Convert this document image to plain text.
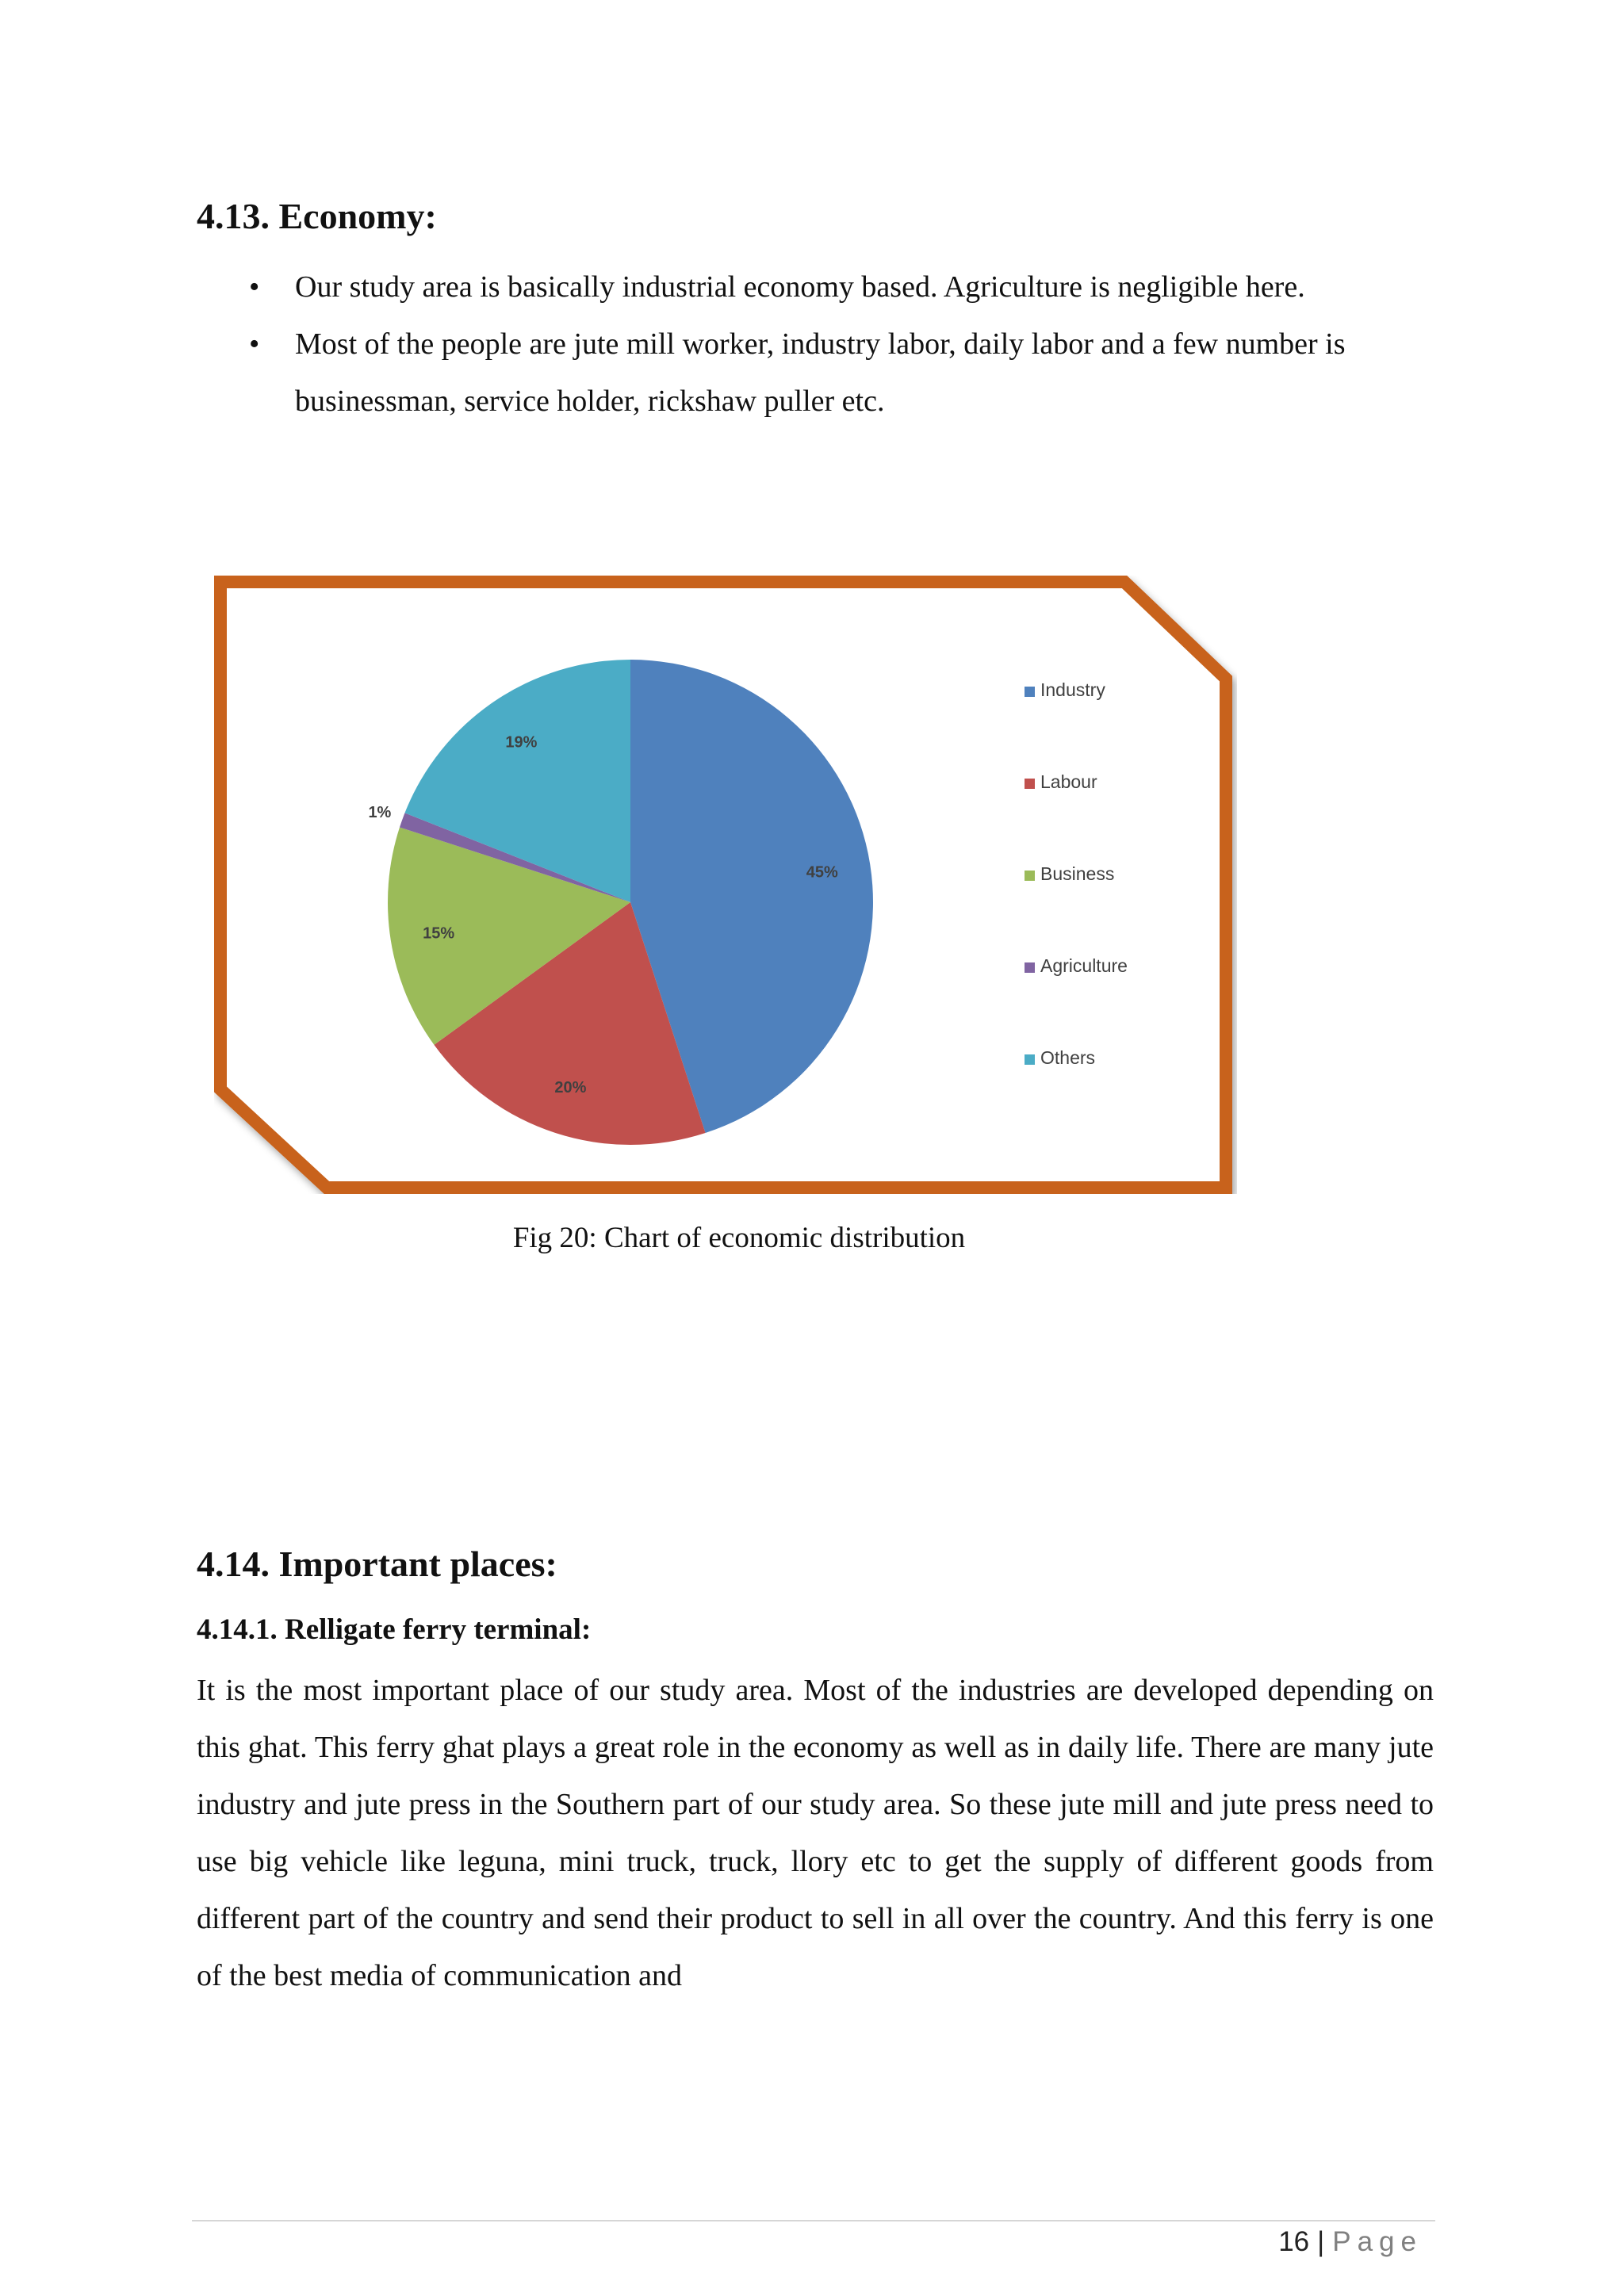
4.13. Economy:
• Our study area is basically industrial economy based. Agriculture is negligible here.
• Most of the people are jute mill worker, industry labor, daily labor and a few number is businessman, service holder, rickshaw puller etc.
45%
20%
15%
1%
19%
Industry
Labour
Business
Agriculture
Others

Fig 20: Chart of economic distribution

4.14. Important places:
4.14.1. Relligate ferry terminal:

It is the most important place of our study area. Most of the industries are developed depending on this ghat. This ferry ghat plays a great role in the economy as well as in daily life. There are many jute industry and jute press in the Southern part of our study area. So these jute mill and jute press need to use big vehicle like leguna, mini truck, truck, llory etc to get the supply of different goods from different part of the country and send their product to sell in all over the country. And this ferry is one of the best media of communication and

16 | Page
